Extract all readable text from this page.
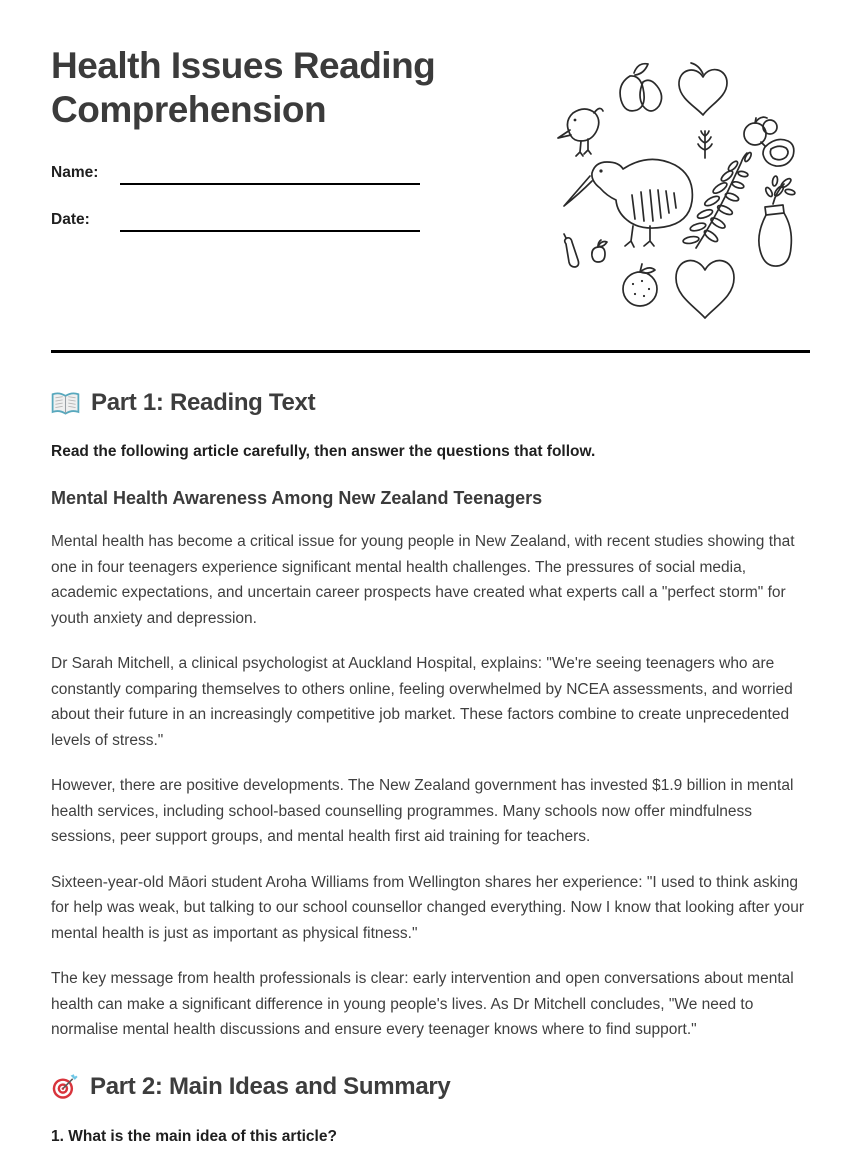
Health Issues Reading Comprehension
Name:
Date:
Part 1: Reading Text

Read the following article carefully, then answer the questions that follow.

Mental Health Awareness Among New Zealand Teenagers

Mental health has become a critical issue for young people in New Zealand, with recent studies showing that one in four teenagers experience significant mental health challenges. The pressures of social media, academic expectations, and uncertain career prospects have created what experts call a "perfect storm" for youth anxiety and depression.

Dr Sarah Mitchell, a clinical psychologist at Auckland Hospital, explains: "We're seeing teenagers who are constantly comparing themselves to others online, feeling overwhelmed by NCEA assessments, and worried about their future in an increasingly competitive job market. These factors combine to create unprecedented levels of stress."

However, there are positive developments. The New Zealand government has invested $1.9 billion in mental health services, including school-based counselling programmes. Many schools now offer mindfulness sessions, peer support groups, and mental health first aid training for teachers.

Sixteen-year-old Māori student Aroha Williams from Wellington shares her experience: "I used to think asking for help was weak, but talking to our school counsellor changed everything. Now I know that looking after your mental health is just as important as physical fitness."

The key message from health professionals is clear: early intervention and open conversations about mental health can make a significant difference in young people's lives. As Dr Mitchell concludes, "We need to normalise mental health discussions and ensure every teenager knows where to find support."

Part 2: Main Ideas and Summary

1. What is the main idea of this article?
